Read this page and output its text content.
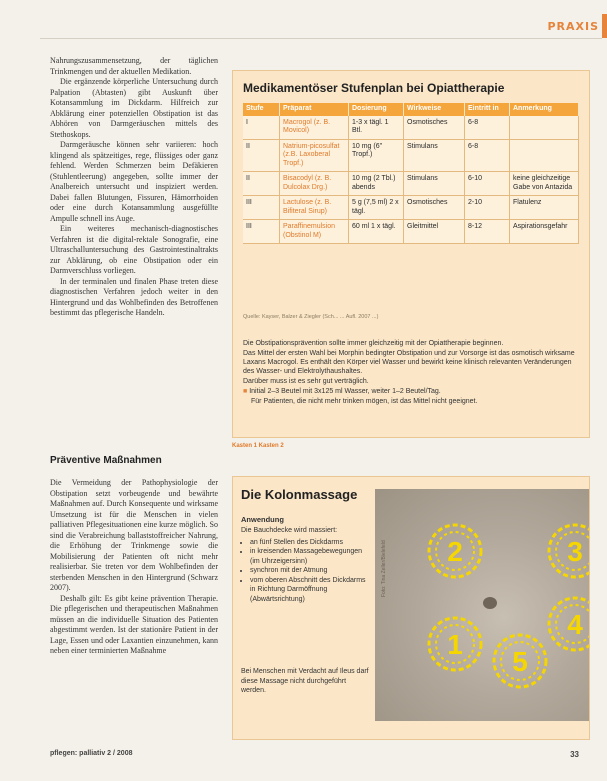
PRAXIS

Nahrungszusammensetzung, der täglichen Trinkmengen und der aktuellen Medikation.

Die ergänzende körperliche Untersuchung durch Palpation (Abtasten) gibt Auskunft über Kotansammlung im Dickdarm. Hilfreich zur Abklärung einer potenziellen Obstipation ist das Abhören von Darmgeräuschen mittels des Stethoskops.

Darmgeräusche können sehr variieren: hoch klingend als spätzeitiges, rege, flüssiges oder ganz fehlend. Werden Schmerzen beim Defäkieren (Stuhlentleerung) angegeben, sollte immer der Analbereich untersucht und inspiziert werden. Dabei fallen Blutungen, Fissuren, Hämorrhoiden oder eine durch Kotansammlung ausgefüllte Ampulle schnell ins Auge.

Ein weiteres mechanisch-diagnostisches Verfahren ist die digital-rektale Sonografie, eine Ultraschalluntersuchung des Gastrointestinaltrakts zur Abklärung, ob eine Obstipation oder ein Darmverschluss vorliegen.

In der terminalen und finalen Phase treten diese diagnostischen Verfahren jedoch weiter in den Hintergrund und das Wohlbefinden des Betroffenen bestimmt das pflegerische Handeln.

Präventive Maßnahmen

Die Vermeidung der Pathophysiologie der Obstipation setzt vorbeugende und bewährte Maßnahmen auf. Durch Konsequente und wirksame Umsetzung ist für die Menschen in vielen palliativen Pflegesituationen eine kurze möglich. So sind die Verabreichung ballaststoffreicher Nahrung, die Erhöhung der Trinkmenge sowie die Mobilisierung der Patienten oft nicht mehr realisierbar. Sie treten vor dem Wohlbefinden der sterbenden Menschen in den Hintergrund (Schwarz 2007).

Deshalb gilt: Es gibt keine prävention Therapie. Die pflegerischen und therapeutischen Maßnahmen müssen an die individuelle Situation des Patienten abgestimmt werden. Ist der stationäre Patient in der Lage, Essen und oder Laxantien einzunehmen, kann neben einer terminierten Maßnahme

Medikamentöser Stufenplan bei Opiattherapie
Stufe	Präparat	Dosierung	Wirkweise	Eintritt in	Anmerkung
I	Macrogol (z. B. Movicol)	1-3 x tägl. 1 Btl.	Osmotisches	6-8	
II	Natrium-picosulfat (z.B. Laxoberal Tropf.)	10 mg (6" Tropf.)	Stimulans	6-8	
II	Bisacodyl (z. B. Dulcolax Drg.)	10 mg (2 Tbl.) abends	Stimulans	6-10	keine gleichzeitige Gabe von Antazida
III	Lactulose (z. B. Bifiteral Sirup)	5 g (7,5 ml) 2 x tägl.	Osmotisches	2-10	Flatulenz
III	Paraffinemulsion (Obstinol M)	60 ml 1 x tägl.	Gleitmittel	8-12	Aspirationsgefahr
Quelle: Kayser, Balzer & Ziegler (Sch... ... Aufl. 2007 ...)

Die Obstipationsprävention sollte immer gleichzeitig mit der Opiattherapie beginnen.

Das Mittel der ersten Wahl bei Morphin bedingter Obstipation und zur Vorsorge ist das osmotisch wirksame Laxans Macrogol. Es enthält den Körper viel Wasser und bewirkt keine klinisch relevanten Veränderungen des Wasser- und Elektrolythaushaltes.

Darüber muss ist es sehr gut verträglich.

■ Initial 2–3 Beutel mit 3x125 ml Wasser, weiter 1–2 Beutel/Tag.

Für Patienten, die nicht mehr trinken mögen, ist das Mittel nicht geeignet.

Kasten 1 Kasten 2
Die Kolonmassage
Anwendung
Die Bauchdecke wird massiert:
• an fünf Stellen des Dickdarms
• in kreisenden Massagebewegungen (im Uhrzeigersinn)
• synchron mit der Atmung
• vom oberen Abschnitt des Dickdarms in Richtung Darmöffnung (Abwärtsrichtung)
Bei Menschen mit Verdacht auf Ileus darf diese Massage nicht durchgeführt werden.
2	3
4
1
5
Foto: Tina Zeller/Bielefeld
pflegen: palliativ 2 / 2008	33
